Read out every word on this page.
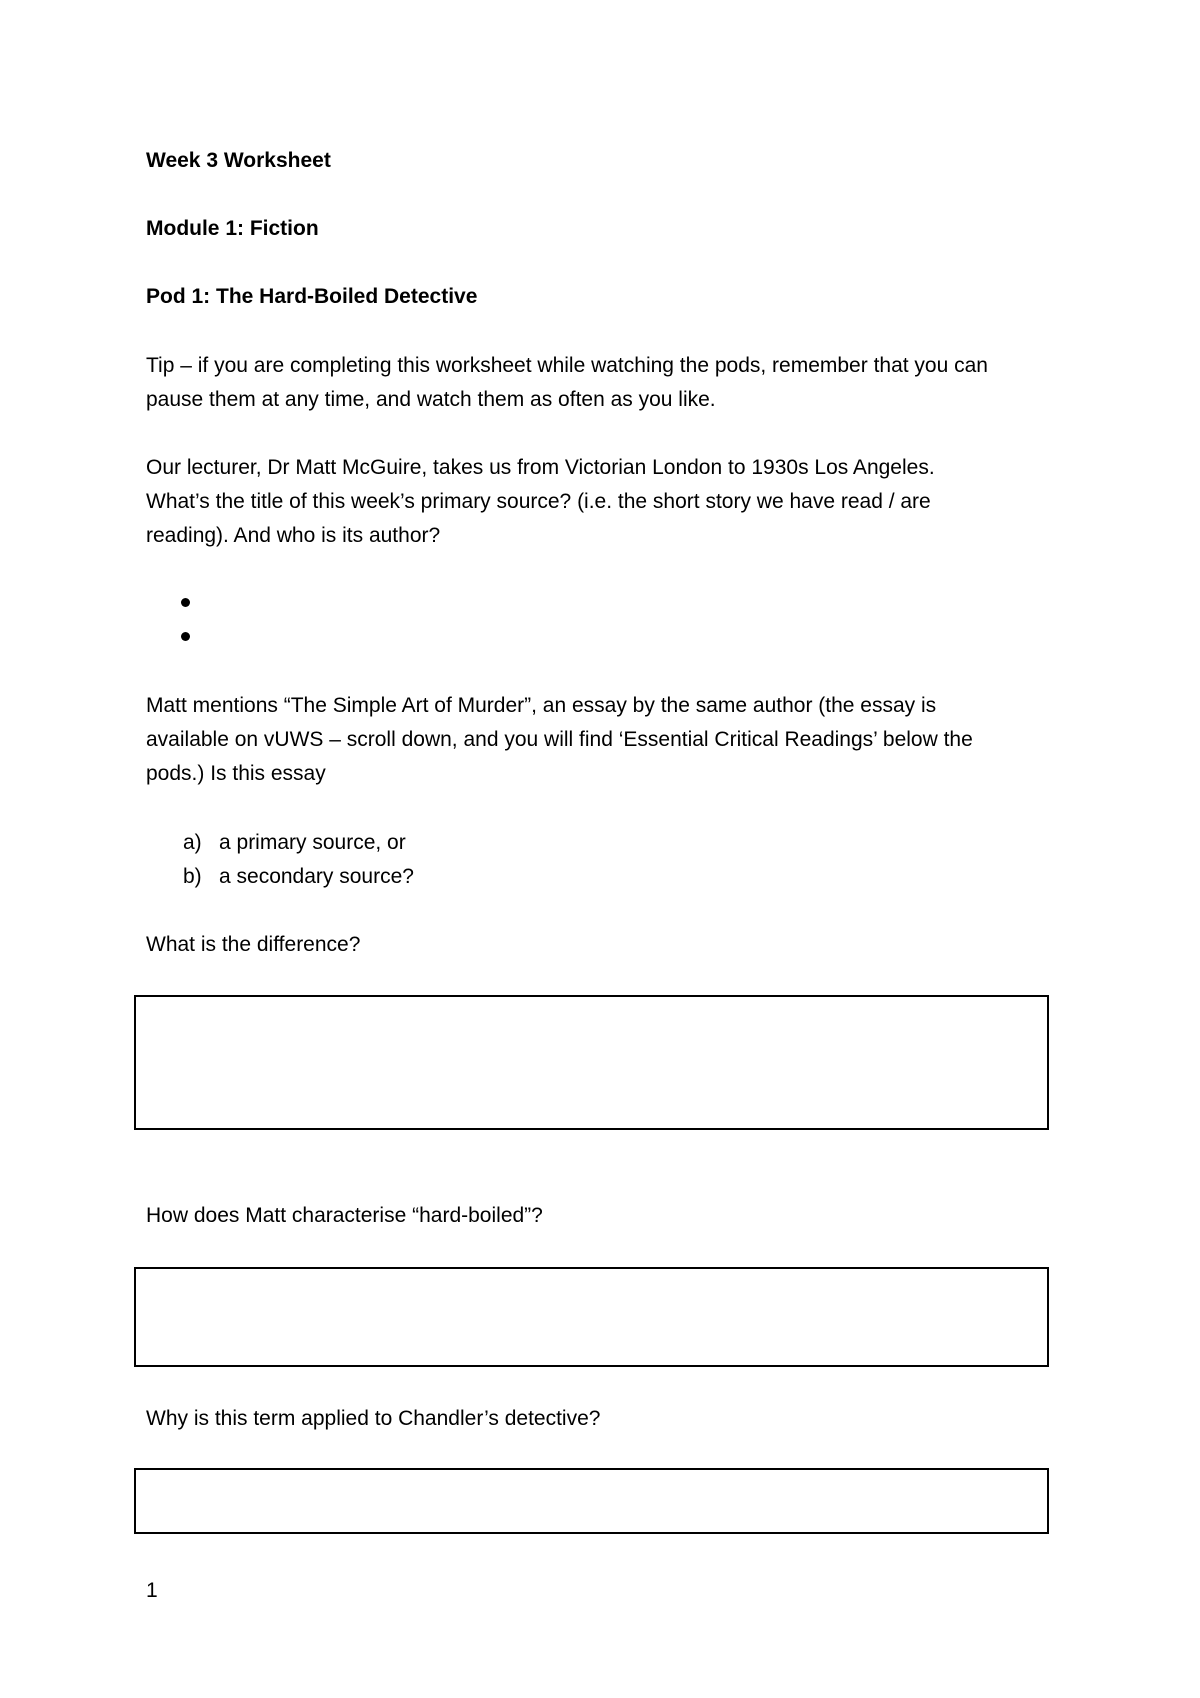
Week 3 Worksheet

Module 1: Fiction

Pod 1: The Hard-Boiled Detective

Tip – if you are completing this worksheet while watching the pods, remember that you can

pause them at any time, and watch them as often as you like.

Our lecturer, Dr Matt McGuire, takes us from Victorian London to 1930s Los Angeles.

What’s the title of this week’s primary source? (i.e. the short story we have read / are

reading). And who is its author?

Matt mentions “The Simple Art of Murder”, an essay by the same author (the essay is

available on vUWS – scroll down, and you will find ‘Essential Critical Readings’ below the

pods.) Is this essay

a) a primary source, or
b) a secondary source?

What is the difference?

How does Matt characterise “hard-boiled”?

Why is this term applied to Chandler’s detective?

1
